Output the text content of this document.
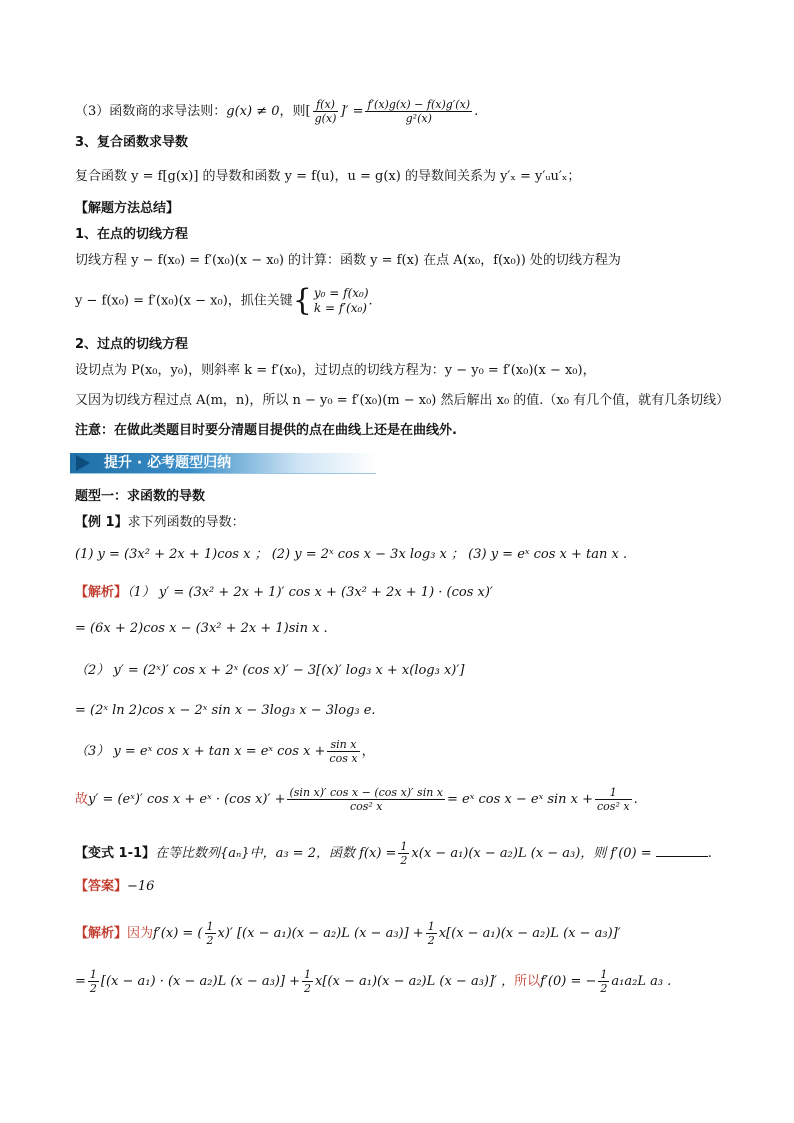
（3）函数商的求导法则：g(x) ≠ 0，则[ $\frac{f(x)}{g(x)}$ ]′ = $\frac{f'(x)g(x) - f(x)g'(x)}{\text{g²(x)}}$ .
3、复合函数求导数
复合函数 y = f[g(x)] 的导数和函数 y = f(u)，u = g(x) 的导数间关系为 y′ₓ = y′ᵤu′ₓ；
【解题方法总结】
1、在点的切线方程
切线方程 y − f(x₀) = f′(x₀)(x − x₀) 的计算：函数 y = f(x) 在点 A(x₀，f(x₀)) 处的切线方程为
y − f(x₀) = f′(x₀)(x − x₀)，抓住关键{ y₀ = f(x₀)
k = f′(x₀) .
2、过点的切线方程
设切点为 P(x₀，y₀)，则斜率 k = f′(x₀)，过切点的切线方程为：y − y₀ = f′(x₀)(x − x₀)，
又因为切线方程过点 A(m，n)，所以 n − y₀ = f′(x₀)(m − x₀) 然后解出 x₀ 的值.（x₀ 有几个值，就有几条切线）
注意：在做此类题目时要分清题目提供的点在曲线上还是在曲线外.
提升 · 必考题型归纳
题型一：求函数的导数
【例 1】求下列函数的导数：
(1) y = (3x² + 2x + 1)cos x ； (2) y = 2ˣ cos x − 3x log₃ x ； (3) y = eˣ cos x + tan x .
【解析】（1） y′ = (3x² + 2x + 1)′ cos x + (3x² + 2x + 1) · (cos x)′
= (6x + 2)cos x − (3x² + 2x + 1)sin x .
（2） y′ = (2ˣ)′ cos x + 2ˣ (cos x)′ − 3[(x)′ log₃ x + x(log₃ x)′]
= (2ˣ ln 2)cos x − 2ˣ sin x − 3log₃ x − 3log₃ e.
（3） y = eˣ cos x + tan x = eˣ $\cos x + \frac{\text{sin x}}{\text{cos x}}$ ，
故y′ = (eˣ)′ cos x + eˣ · (cos $x)' + \frac{\text{(sin x)′ cos x − (cos x)′ sin x}}{\text{cos² x}}$ = eˣ cos x − eˣ $\sin x + \frac{1}{\text{cos² x}}$ .
【变式 1-1】在等比数列{aₙ}中，a₃ = 2，函数 $f(x) = \frac{1}{2} x(x - a_1)(x - a_2)L$ (x − a₃)，则 f′(0) =	.
【答案】−16
【解析】因为f′(x) = ( $\frac{1}{2} x)'$ [(x − a₁)(x − a₂)L $(x - a_3)] + \frac{1}{2} x[(x - a_1)(x - a_2)L$ (x − a₃)]′
= $\frac{1}{2} [(x - a_1) \cdot (x - a_2)L$ $(x - a_3)] + \frac{1}{2} x[(x - a_1)(x - a_2)L$ (x − a₃)]′ ，所以f′(0) = − $\frac{1}{2} a_1a_2L$ a₃ .
